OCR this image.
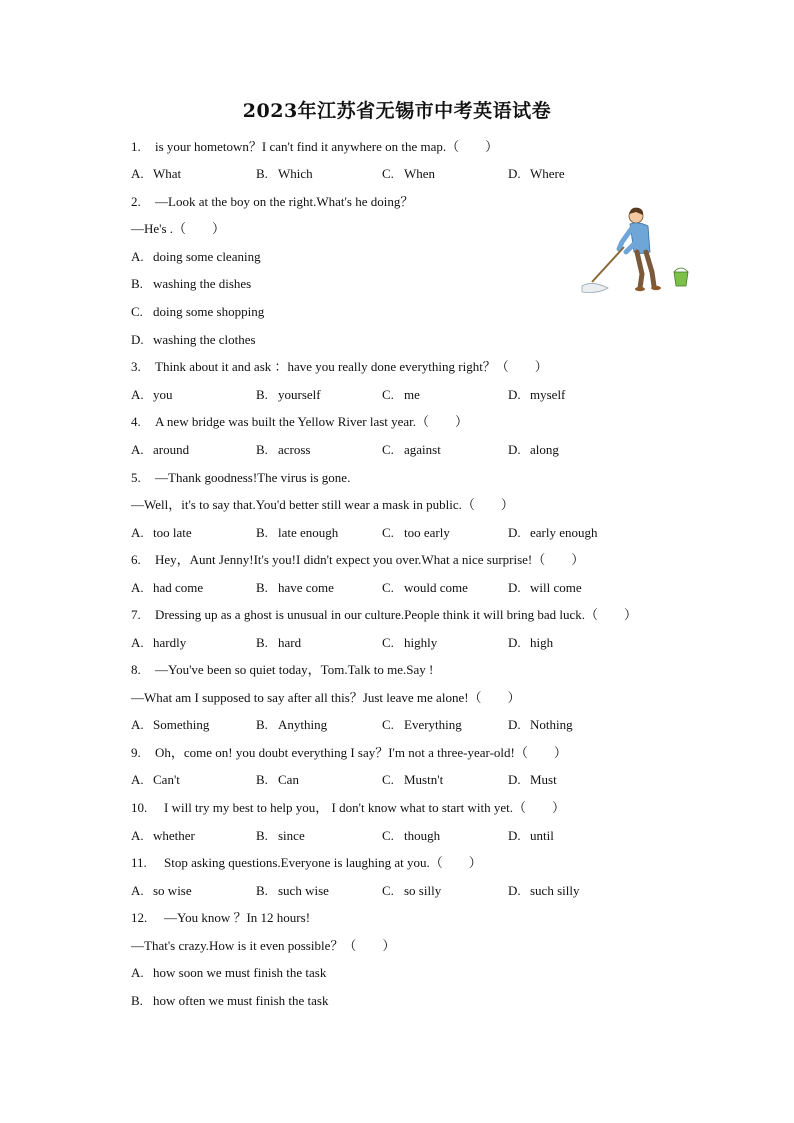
2023年江苏省无锡市中考英语试卷
1. is your hometown？I can't find it anywhere on the map.（　　）
A. What	B. Which	C. When	D. Where
2. —Look at the boy on the right.What's he doing？
—He's .（　　）
A. doing some cleaning
B. washing the dishes
C. doing some shopping
D. washing the clothes
3. Think about it and ask ：have you really done everything right？（　　）
A. you	B. yourself	C. me	D. myself
4. A new bridge was built the Yellow River last year.（　　）
A. around	B. across	C. against	D. along
5. —Thank goodness!The virus is gone.
—Well，it's to say that.You'd better still wear a mask in public.（　　）
A. too late	B. late enough	C. too early	D. early enough
6. Hey，Aunt Jenny!It's you!I didn't expect you over.What a nice surprise!（　　）
A. had come	B. have come	C. would come	D. will come
7. Dressing up as a ghost is unusual in our culture.People think it will bring bad luck.（　　）
A. hardly	B. hard	C. highly	D. high
8. —You've been so quiet today，Tom.Talk to me.Say !
—What am I supposed to say after all this？Just leave me alone!（　　）
A. Something	B. Anything	C. Everything	D. Nothing
9. Oh，come on! you doubt everything I say？I'm not a three-year-old!（　　）
A. Can't	B. Can	C. Mustn't	D. Must
10. I will try my best to help you， I don't know what to start with yet.（　　）
A. whether	B. since	C. though	D. until
11. Stop asking questions.Everyone is laughing at you.（　　）
A. so wise	B. such wise	C. so silly	D. such silly
12. —You know ？In 12 hours!
—That's crazy.How is it even possible？（　　）
A. how soon we must finish the task
B. how often we must finish the task
